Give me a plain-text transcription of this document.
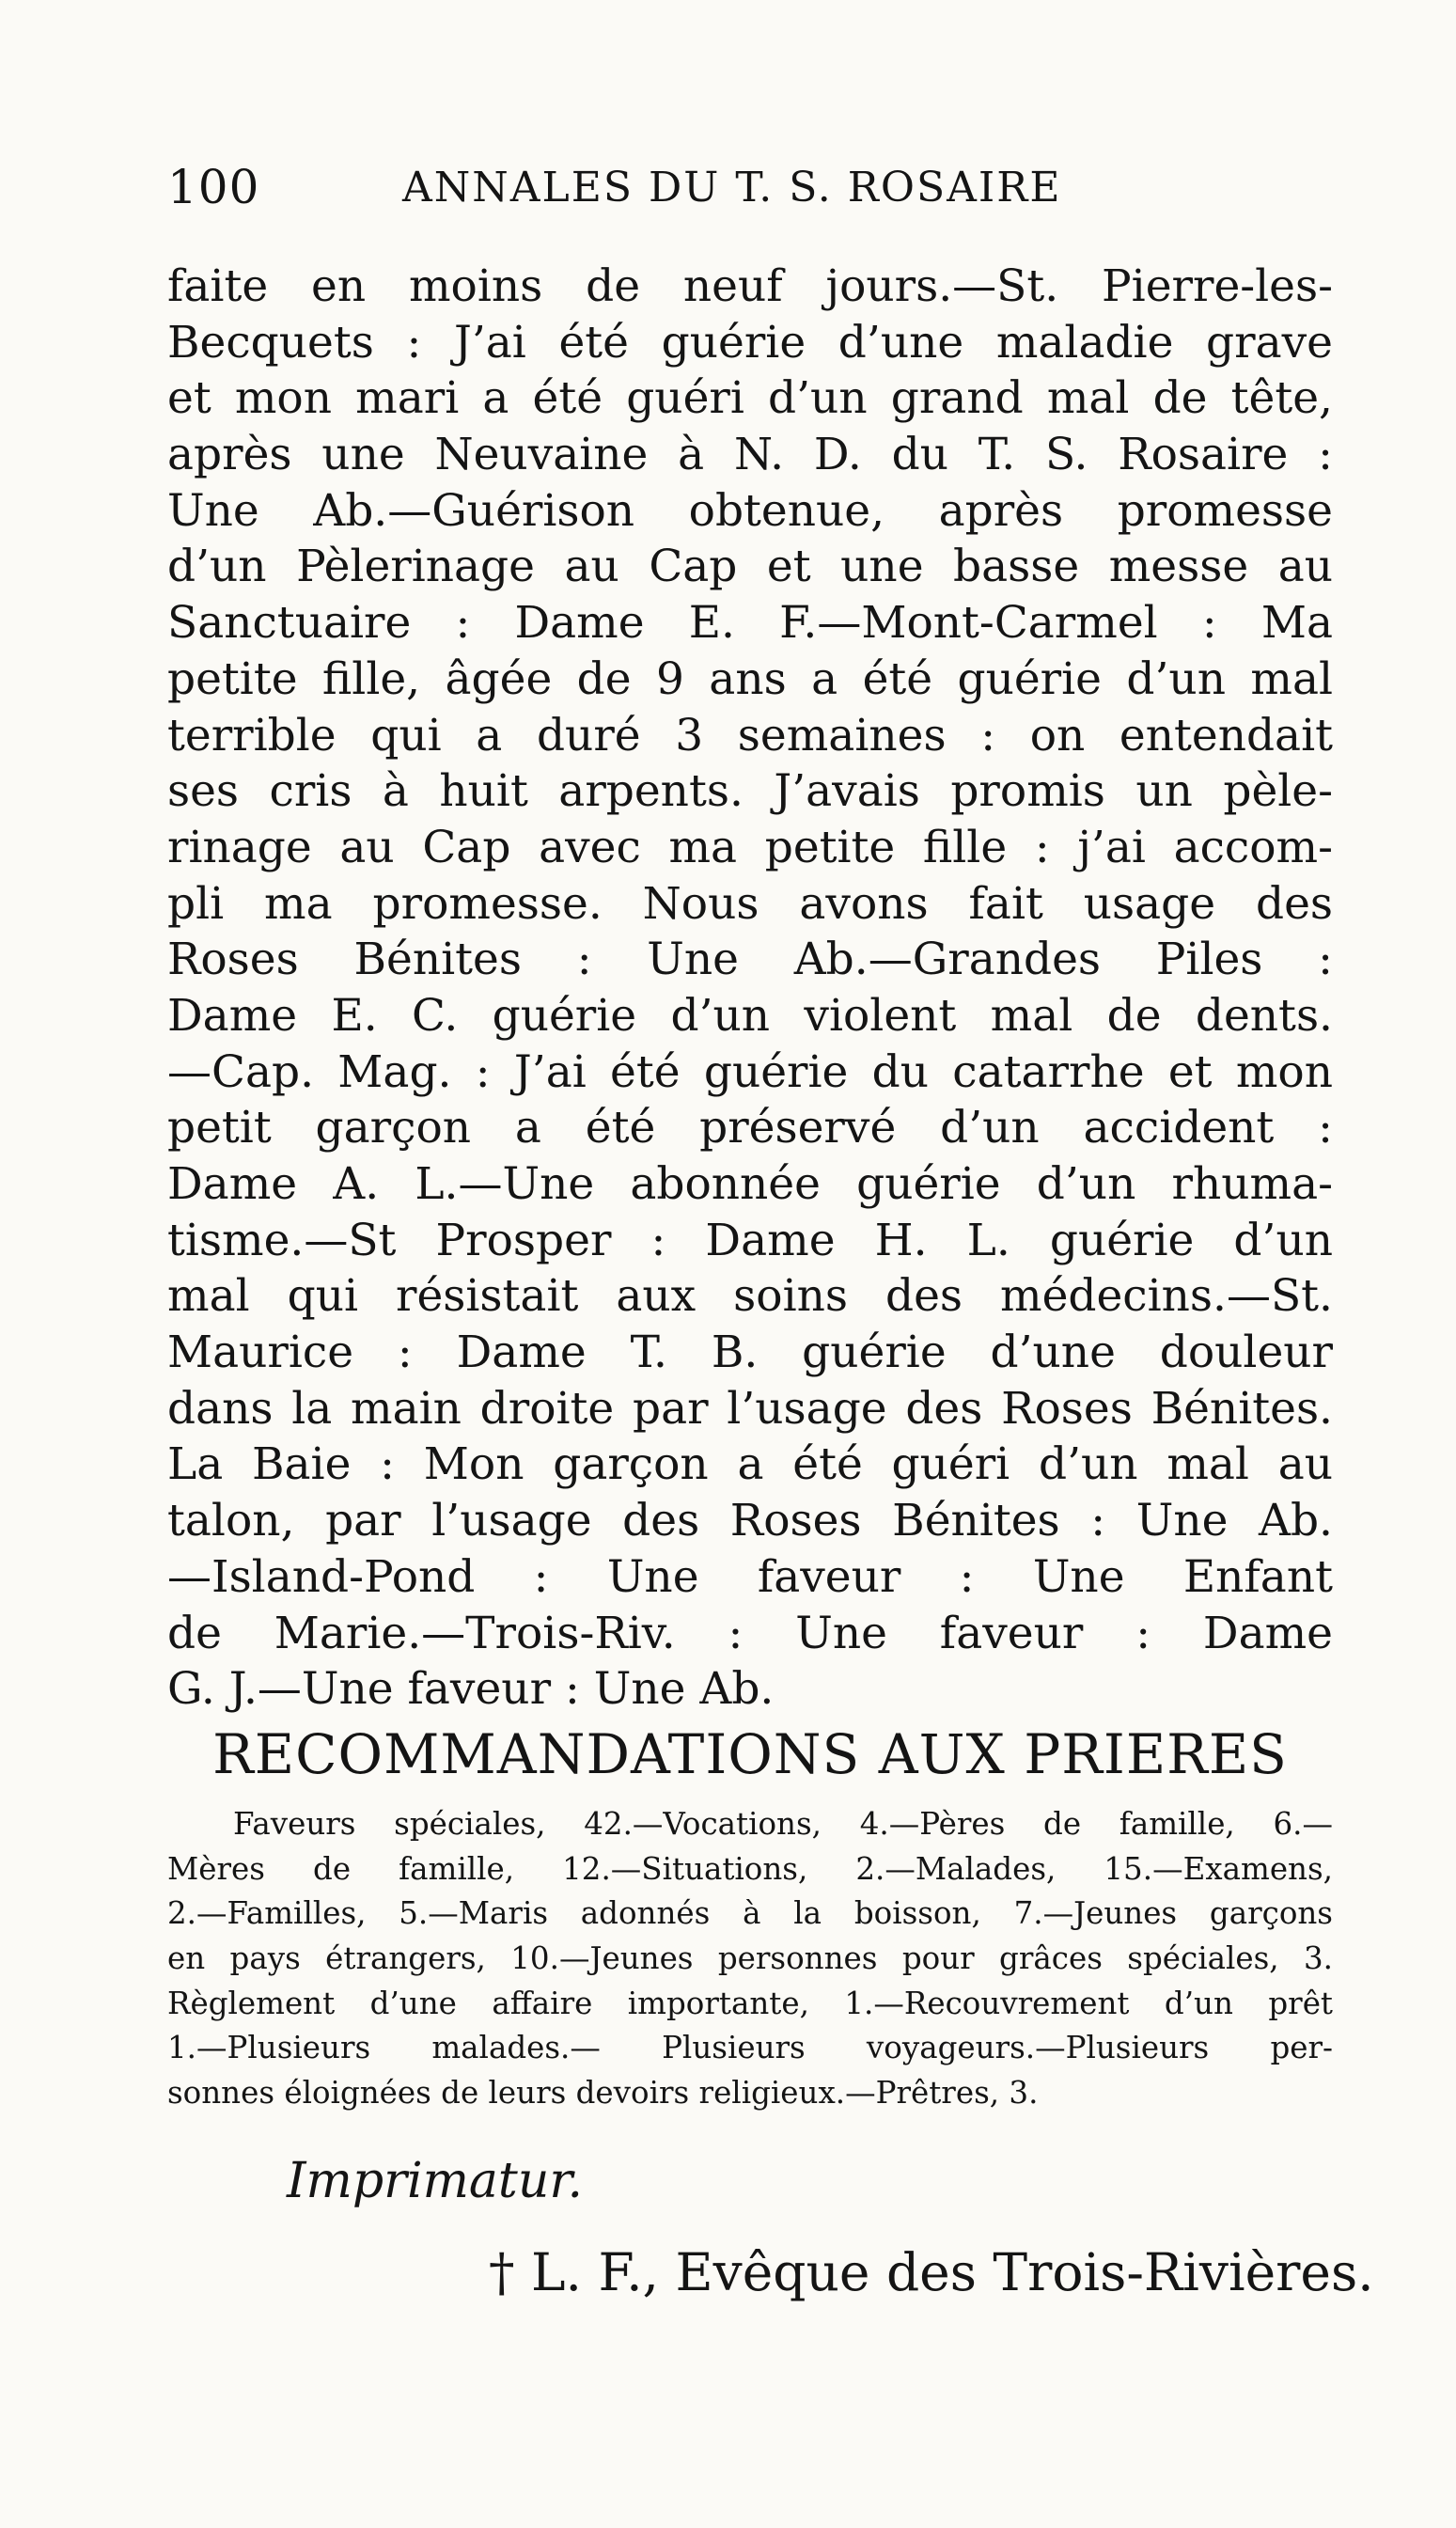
100	ANNALES DU T. S. ROSAIRE
faite en moins de neuf jours.—St. Pierre-les-
Becquets : J’ai été guérie d’une maladie grave
et mon mari a été guéri d’un grand mal de tête,
après une Neuvaine à N. D. du T. S. Rosaire :
Une Ab.—Guérison obtenue, après promesse
d’un Pèlerinage au Cap et une basse messe au
Sanctuaire : Dame E. F.—Mont-Carmel : Ma
petite fille, âgée de 9 ans a été guérie d’un mal
terrible qui a duré 3 semaines : on entendait
ses cris à huit arpents. J’avais promis un pèle-
rinage au Cap avec ma petite fille : j’ai accom-
pli ma promesse. Nous avons fait usage des
Roses Bénites : Une Ab.—Grandes Piles :
Dame E. C. guérie d’un violent mal de dents.
—Cap. Mag. : J’ai été guérie du catarrhe et mon
petit garçon a été préservé d’un accident :
Dame A. L.—Une abonnée guérie d’un rhuma-
tisme.—St Prosper : Dame H. L. guérie d’un
mal qui résistait aux soins des médecins.—St.
Maurice : Dame T. B. guérie d’une douleur
dans la main droite par l’usage des Roses Bénites.
La Baie : Mon garçon a été guéri d’un mal au
talon, par l’usage des Roses Bénites : Une Ab.
—Island-Pond : Une faveur : Une Enfant
de Marie.—Trois-Riv. : Une faveur : Dame
G. J.—Une faveur : Une Ab.
RECOMMANDATIONS AUX PRIERES
Faveurs spéciales, 42.—Vocations, 4.—Pères de famille, 6.—
Mères de famille, 12.—Situations, 2.—Malades, 15.—Examens,
2.—Familles, 5.—Maris adonnés à la boisson, 7.—Jeunes garçons
en pays étrangers, 10.—Jeunes personnes pour grâces spéciales, 3.
Règlement d’une affaire importante, 1.—Recouvrement d’un prêt
1.—Plusieurs malades.— Plusieurs voyageurs.—Plusieurs per-
sonnes éloignées de leurs devoirs religieux.—Prêtres, 3.
Imprimatur.
† L. F., Evêque des Trois-Rivières.
